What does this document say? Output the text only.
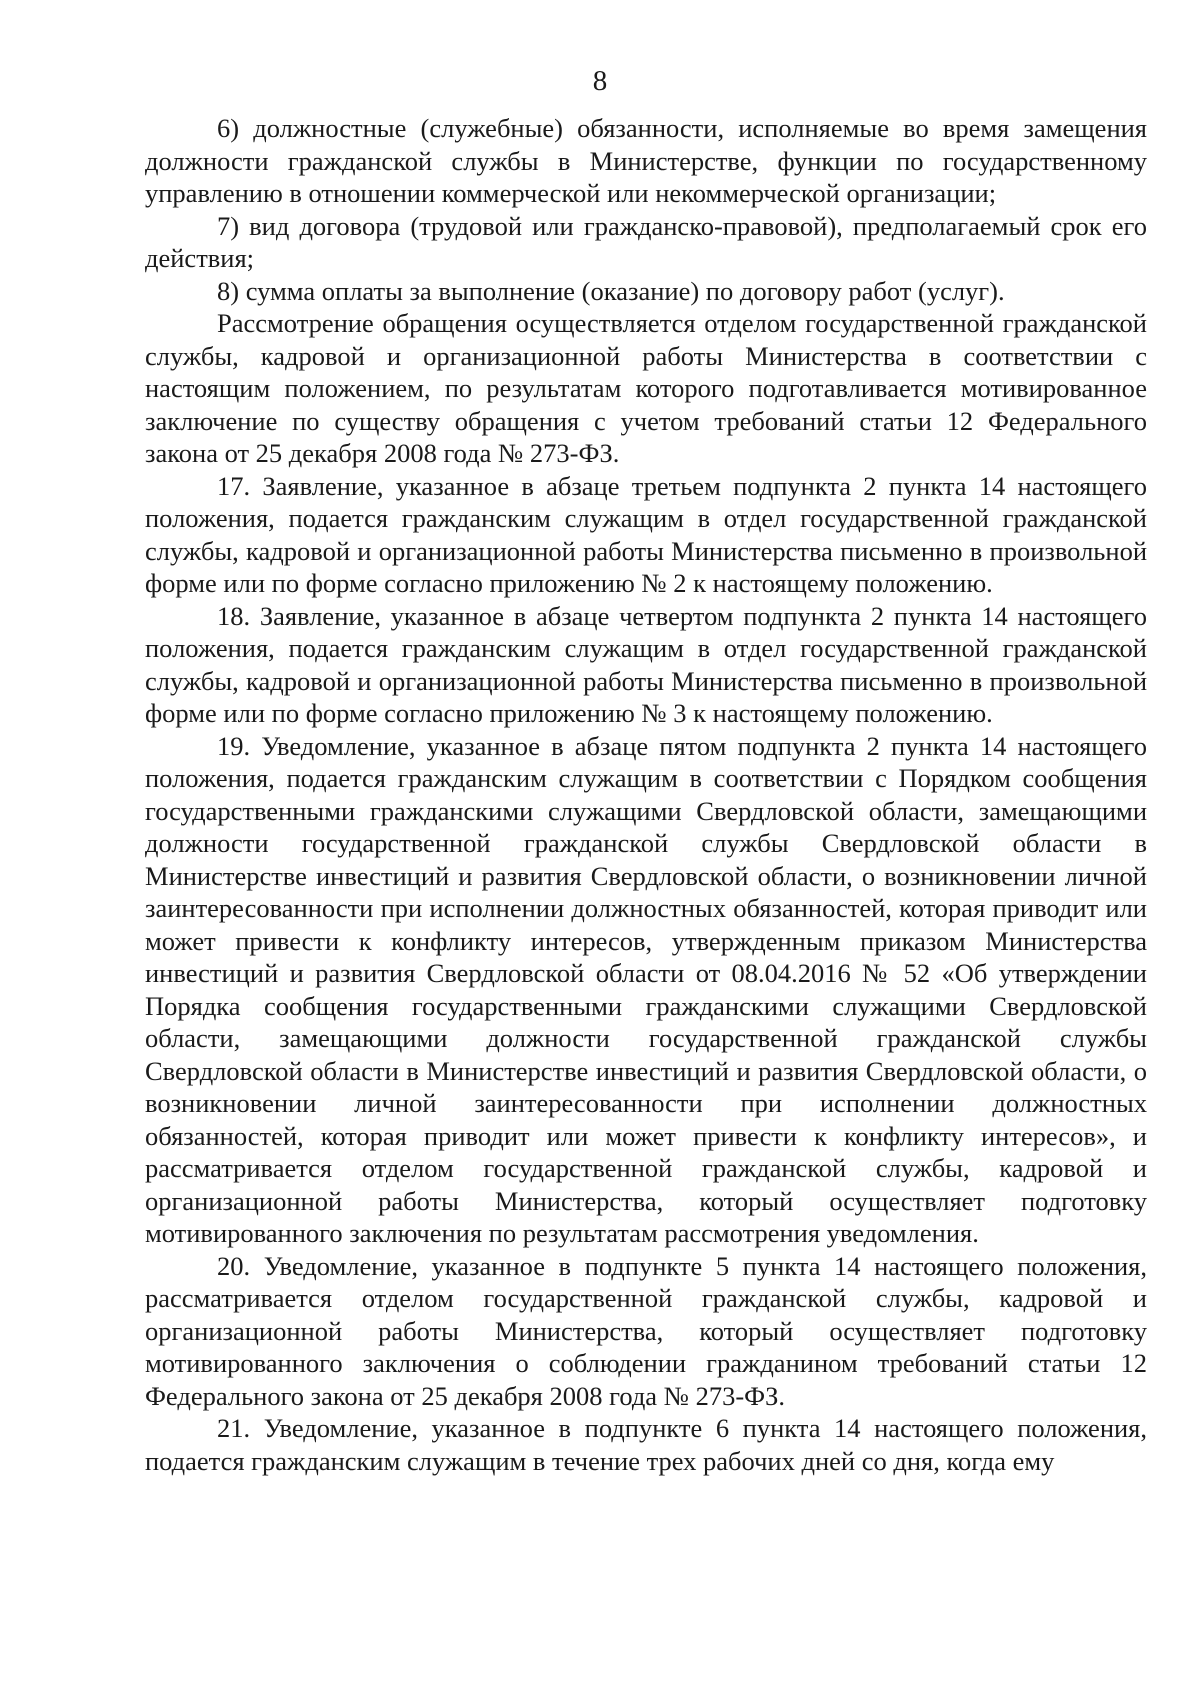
8

6) должностные (служебные) обязанности, исполняемые во время замещения должности гражданской службы в Министерстве, функции по государственному управлению в отношении коммерческой или некоммерческой организации;

7) вид договора (трудовой или гражданско-правовой), предполагаемый срок его действия;

8) сумма оплаты за выполнение (оказание) по договору работ (услуг).

Рассмотрение обращения осуществляется отделом государственной гражданской службы, кадровой и организационной работы Министерства в соответствии с настоящим положением, по результатам которого подготавливается мотивированное заключение по существу обращения с учетом требований статьи 12 Федерального закона от 25 декабря 2008 года № 273-ФЗ.

17. Заявление, указанное в абзаце третьем подпункта 2 пункта 14 настоящего положения, подается гражданским служащим в отдел государственной гражданской службы, кадровой и организационной работы Министерства письменно в произвольной форме или по форме согласно приложению № 2 к настоящему положению.

18. Заявление, указанное в абзаце четвертом подпункта 2 пункта 14 настоящего положения, подается гражданским служащим в отдел государственной гражданской службы, кадровой и организационной работы Министерства письменно в произвольной форме или по форме согласно приложению № 3 к настоящему положению.

19. Уведомление, указанное в абзаце пятом подпункта 2 пункта 14 настоящего положения, подается гражданским служащим в соответствии с Порядком сообщения государственными гражданскими служащими Свердловской области, замещающими должности государственной гражданской службы Свердловской области в Министерстве инвестиций и развития Свердловской области, о возникновении личной заинтересованности при исполнении должностных обязанностей, которая приводит или может привести к конфликту интересов, утвержденным приказом Министерства инвестиций и развития Свердловской области от 08.04.2016 № 52 «Об утверждении Порядка сообщения государственными гражданскими служащими Свердловской области, замещающими должности государственной гражданской службы Свердловской области в Министерстве инвестиций и развития Свердловской области, о возникновении личной заинтересованности при исполнении должностных обязанностей, которая приводит или может привести к конфликту интересов», и рассматривается отделом государственной гражданской службы, кадровой и организационной работы Министерства, который осуществляет подготовку мотивированного заключения по результатам рассмотрения уведомления.

20. Уведомление, указанное в подпункте 5 пункта 14 настоящего положения, рассматривается отделом государственной гражданской службы, кадровой и организационной работы Министерства, который осуществляет подготовку мотивированного заключения о соблюдении гражданином требований статьи 12 Федерального закона от 25 декабря 2008 года № 273-ФЗ.

21. Уведомление, указанное в подпункте 6 пункта 14 настоящего положения, подается гражданским служащим в течение трех рабочих дней со дня, когда ему
